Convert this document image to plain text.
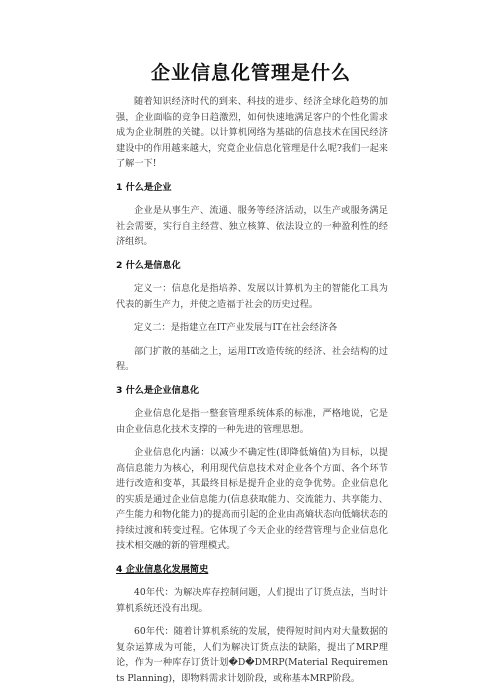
企业信息化管理是什么

随着知识经济时代的到来、科技的进步、经济全球化趋势的加强，企业面临的竞争日趋激烈，如何快速地满足客户的个性化需求成为企业制胜的关键。以计算机网络为基础的信息技术在国民经济建设中的作用越来越大，究竟企业信息化管理是什么呢?我们一起来了解一下!

1 什么是企业

企业是从事生产、流通、服务等经济活动，以生产或服务满足社会需要，实行自主经营、独立核算、依法设立的一种盈利性的经济组织。

2 什么是信息化

定义一：信息化是指培养、发展以计算机为主的智能化工具为代表的新生产力，并使之造福于社会的历史过程。

定义二：是指建立在IT产业发展与IT在社会经济各

部门扩散的基础之上，运用IT改造传统的经济、社会结构的过程。

3 什么是企业信息化

企业信息化是指一整套管理系统体系的标准，严格地说，它是由企业信息化技术支撑的一种先进的管理思想。

企业信息化内涵：以减少不确定性(即降低熵值)为目标，以提高信息能力为核心，利用现代信息技术对企业各个方面、各个环节进行改造和变革，其最终目标是提升企业的竞争优势。企业信息化的实质是通过企业信息能力(信息获取能力、交流能力、共享能力、产生能力和物化能力)的提高而引起的企业由高熵状态向低熵状态的持续过渡和转变过程。它体现了今天企业的经营管理与企业信息化技术相交融的新的管理模式。

4 企业信息化发展简史

40年代：为解决库存控制问题，人们提出了订货点法，当时计算机系统还没有出现。

60年代：随着计算机系统的发展，使得短时间内对大量数据的复杂运算成为可能，人们为解决订货点法的缺陷，提出了MRP理论，作为一种库存订货计划�D�DMRP(Material Requirements Planning)，即物料需求计划阶段，或称基本MRP阶段。
